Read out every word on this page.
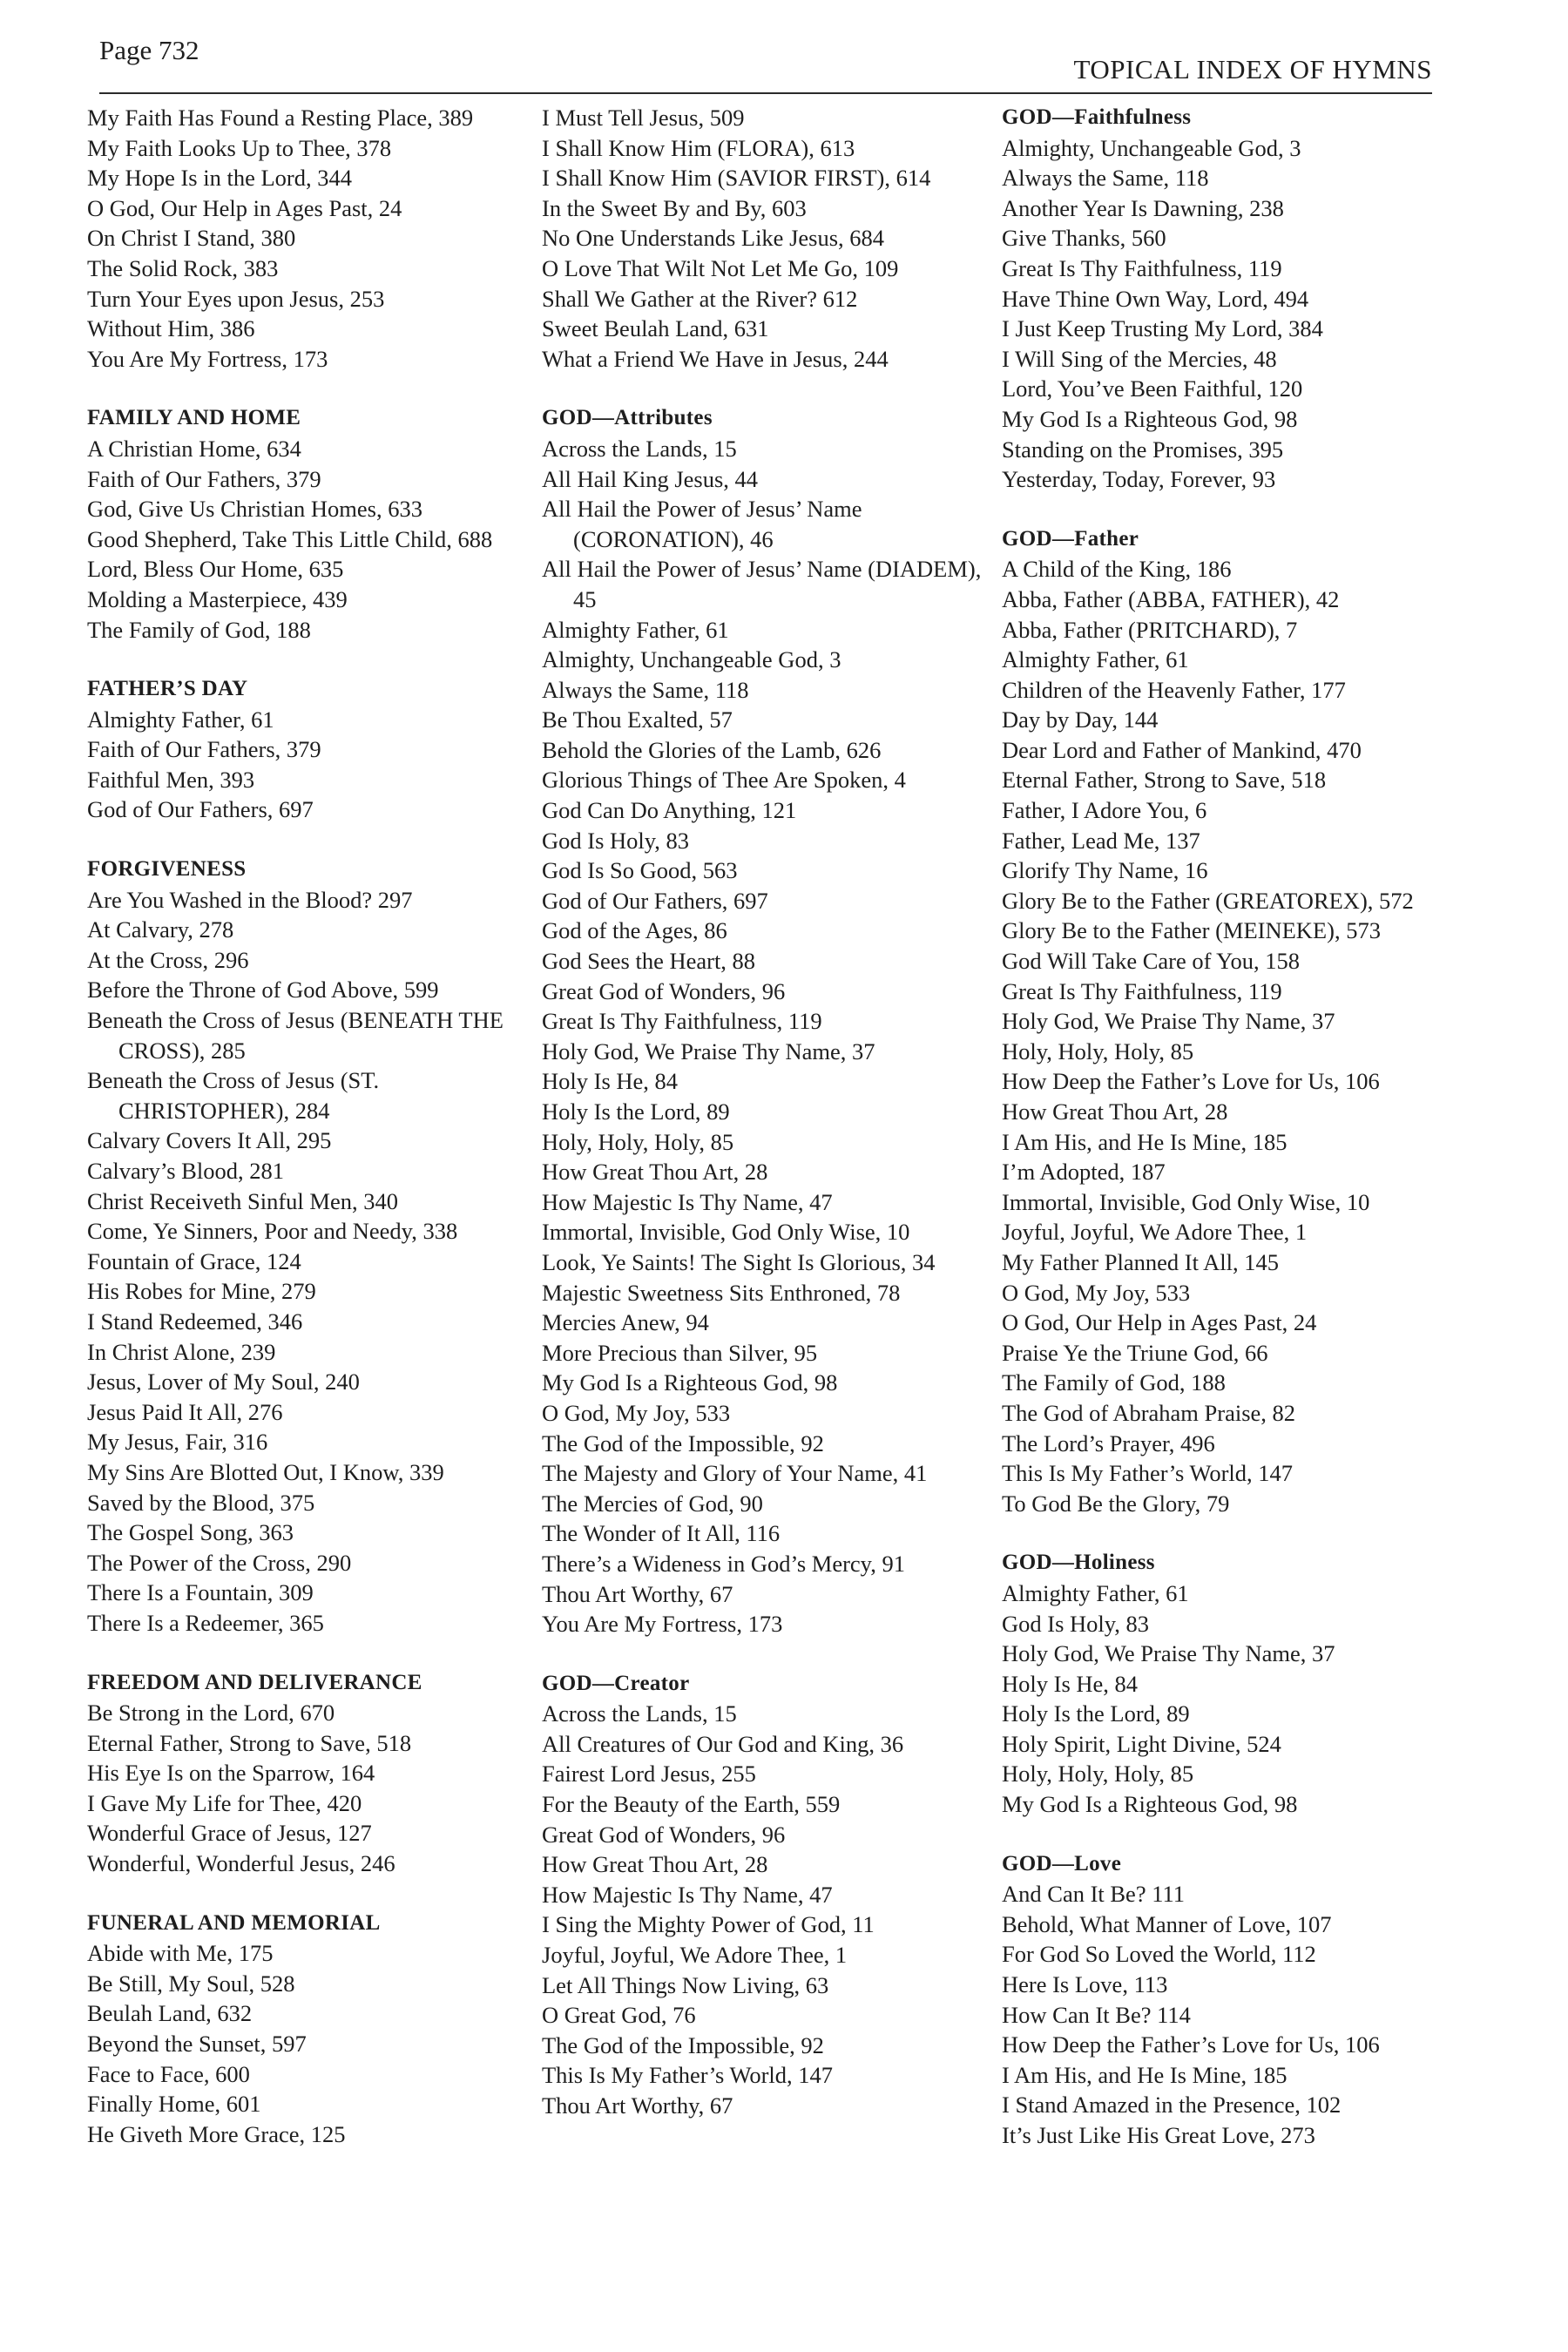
Page 732
TOPICAL INDEX OF HYMNS
My Faith Has Found a Resting Place, 389
My Faith Looks Up to Thee, 378
My Hope Is in the Lord, 344
O God, Our Help in Ages Past, 24
On Christ I Stand, 380
The Solid Rock, 383
Turn Your Eyes upon Jesus, 253
Without Him, 386
You Are My Fortress, 173
FAMILY AND HOME
A Christian Home, 634
Faith of Our Fathers, 379
God, Give Us Christian Homes, 633
Good Shepherd, Take This Little Child, 688
Lord, Bless Our Home, 635
Molding a Masterpiece, 439
The Family of God, 188
FATHER’S DAY
Almighty Father, 61
Faith of Our Fathers, 379
Faithful Men, 393
God of Our Fathers, 697
FORGIVENESS
Are You Washed in the Blood? 297
At Calvary, 278
At the Cross, 296
Before the Throne of God Above, 599
Beneath the Cross of Jesus (BENEATH THE CROSS), 285
Beneath the Cross of Jesus (ST. CHRISTOPHER), 284
Calvary Covers It All, 295
Calvary’s Blood, 281
Christ Receiveth Sinful Men, 340
Come, Ye Sinners, Poor and Needy, 338
Fountain of Grace, 124
His Robes for Mine, 279
I Stand Redeemed, 346
In Christ Alone, 239
Jesus, Lover of My Soul, 240
Jesus Paid It All, 276
My Jesus, Fair, 316
My Sins Are Blotted Out, I Know, 339
Saved by the Blood, 375
The Gospel Song, 363
The Power of the Cross, 290
There Is a Fountain, 309
There Is a Redeemer, 365
FREEDOM AND DELIVERANCE
Be Strong in the Lord, 670
Eternal Father, Strong to Save, 518
His Eye Is on the Sparrow, 164
I Gave My Life for Thee, 420
Wonderful Grace of Jesus, 127
Wonderful, Wonderful Jesus, 246
FUNERAL AND MEMORIAL
Abide with Me, 175
Be Still, My Soul, 528
Beulah Land, 632
Beyond the Sunset, 597
Face to Face, 600
Finally Home, 601
He Giveth More Grace, 125
I Must Tell Jesus, 509
I Shall Know Him (FLORA), 613
I Shall Know Him (SAVIOR FIRST), 614
In the Sweet By and By, 603
No One Understands Like Jesus, 684
O Love That Wilt Not Let Me Go, 109
Shall We Gather at the River? 612
Sweet Beulah Land, 631
What a Friend We Have in Jesus, 244
GOD—Attributes
Across the Lands, 15
All Hail King Jesus, 44
All Hail the Power of Jesus’ Name (CORONATION), 46
All Hail the Power of Jesus’ Name (DIADEM), 45
Almighty Father, 61
Almighty, Unchangeable God, 3
Always the Same, 118
Be Thou Exalted, 57
Behold the Glories of the Lamb, 626
Glorious Things of Thee Are Spoken, 4
God Can Do Anything, 121
God Is Holy, 83
God Is So Good, 563
God of Our Fathers, 697
God of the Ages, 86
God Sees the Heart, 88
Great God of Wonders, 96
Great Is Thy Faithfulness, 119
Holy God, We Praise Thy Name, 37
Holy Is He, 84
Holy Is the Lord, 89
Holy, Holy, Holy, 85
How Great Thou Art, 28
How Majestic Is Thy Name, 47
Immortal, Invisible, God Only Wise, 10
Look, Ye Saints! The Sight Is Glorious, 34
Majestic Sweetness Sits Enthroned, 78
Mercies Anew, 94
More Precious than Silver, 95
My God Is a Righteous God, 98
O God, My Joy, 533
The God of the Impossible, 92
The Majesty and Glory of Your Name, 41
The Mercies of God, 90
The Wonder of It All, 116
There’s a Wideness in God’s Mercy, 91
Thou Art Worthy, 67
You Are My Fortress, 173
GOD—Creator
Across the Lands, 15
All Creatures of Our God and King, 36
Fairest Lord Jesus, 255
For the Beauty of the Earth, 559
Great God of Wonders, 96
How Great Thou Art, 28
How Majestic Is Thy Name, 47
I Sing the Mighty Power of God, 11
Joyful, Joyful, We Adore Thee, 1
Let All Things Now Living, 63
O Great God, 76
The God of the Impossible, 92
This Is My Father’s World, 147
Thou Art Worthy, 67
GOD—Faithfulness
Almighty, Unchangeable God, 3
Always the Same, 118
Another Year Is Dawning, 238
Give Thanks, 560
Great Is Thy Faithfulness, 119
Have Thine Own Way, Lord, 494
I Just Keep Trusting My Lord, 384
I Will Sing of the Mercies, 48
Lord, You’ve Been Faithful, 120
My God Is a Righteous God, 98
Standing on the Promises, 395
Yesterday, Today, Forever, 93
GOD—Father
A Child of the King, 186
Abba, Father (ABBA, FATHER), 42
Abba, Father (PRITCHARD), 7
Almighty Father, 61
Children of the Heavenly Father, 177
Day by Day, 144
Dear Lord and Father of Mankind, 470
Eternal Father, Strong to Save, 518
Father, I Adore You, 6
Father, Lead Me, 137
Glorify Thy Name, 16
Glory Be to the Father (GREATOREX), 572
Glory Be to the Father (MEINEKE), 573
God Will Take Care of You, 158
Great Is Thy Faithfulness, 119
Holy God, We Praise Thy Name, 37
Holy, Holy, Holy, 85
How Deep the Father’s Love for Us, 106
How Great Thou Art, 28
I Am His, and He Is Mine, 185
I’m Adopted, 187
Immortal, Invisible, God Only Wise, 10
Joyful, Joyful, We Adore Thee, 1
My Father Planned It All, 145
O God, My Joy, 533
O God, Our Help in Ages Past, 24
Praise Ye the Triune God, 66
The Family of God, 188
The God of Abraham Praise, 82
The Lord’s Prayer, 496
This Is My Father’s World, 147
To God Be the Glory, 79
GOD—Holiness
Almighty Father, 61
God Is Holy, 83
Holy God, We Praise Thy Name, 37
Holy Is He, 84
Holy Is the Lord, 89
Holy Spirit, Light Divine, 524
Holy, Holy, Holy, 85
My God Is a Righteous God, 98
GOD—Love
And Can It Be? 111
Behold, What Manner of Love, 107
For God So Loved the World, 112
Here Is Love, 113
How Can It Be? 114
How Deep the Father’s Love for Us, 106
I Am His, and He Is Mine, 185
I Stand Amazed in the Presence, 102
It’s Just Like His Great Love, 273
